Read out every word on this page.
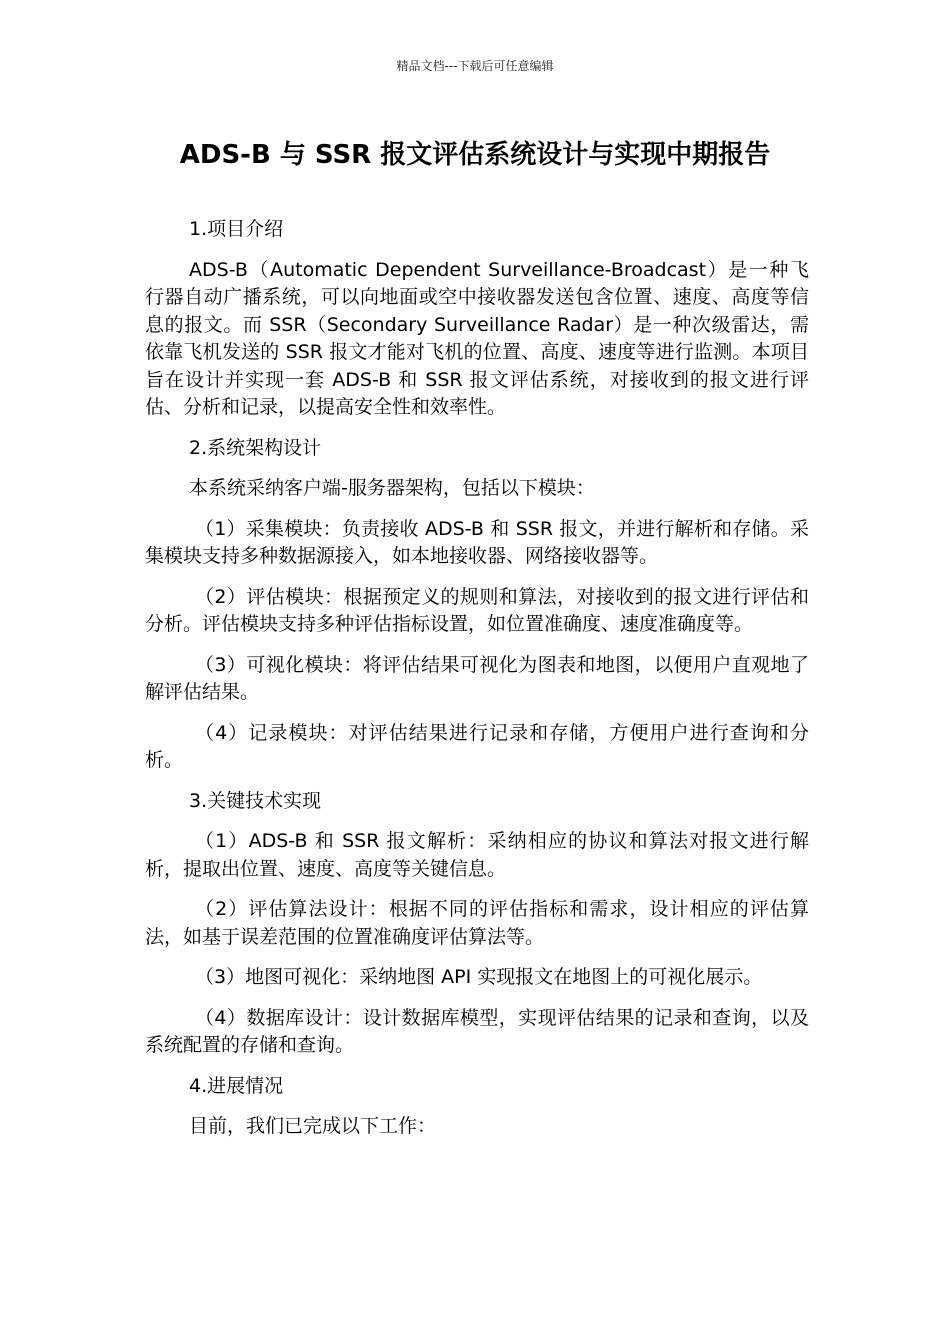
精品文档---下载后可任意编辑
ADS-B 与 SSR 报文评估系统设计与实现中期报告

1.项目介绍

ADS-B（Automatic Dependent Surveillance-Broadcast）是一种飞行器自动广播系统，可以向地面或空中接收器发送包含位置、速度、高度等信息的报文。而 SSR（Secondary Surveillance Radar）是一种次级雷达，需依靠飞机发送的 SSR 报文才能对飞机的位置、高度、速度等进行监测。本项目旨在设计并实现一套 ADS-B 和 SSR 报文评估系统，对接收到的报文进行评估、分析和记录，以提高安全性和效率性。

2.系统架构设计

本系统采纳客户端-服务器架构，包括以下模块：

（1）采集模块：负责接收 ADS-B 和 SSR 报文，并进行解析和存储。采集模块支持多种数据源接入，如本地接收器、网络接收器等。

（2）评估模块：根据预定义的规则和算法，对接收到的报文进行评估和分析。评估模块支持多种评估指标设置，如位置准确度、速度准确度等。

（3）可视化模块：将评估结果可视化为图表和地图，以便用户直观地了解评估结果。

（4）记录模块：对评估结果进行记录和存储，方便用户进行查询和分析。

3.关键技术实现

（1）ADS-B 和 SSR 报文解析：采纳相应的协议和算法对报文进行解析，提取出位置、速度、高度等关键信息。

（2）评估算法设计：根据不同的评估指标和需求，设计相应的评估算法，如基于误差范围的位置准确度评估算法等。

（3）地图可视化：采纳地图 API 实现报文在地图上的可视化展示。

（4）数据库设计：设计数据库模型，实现评估结果的记录和查询，以及系统配置的存储和查询。

4.进展情况

目前，我们已完成以下工作：
